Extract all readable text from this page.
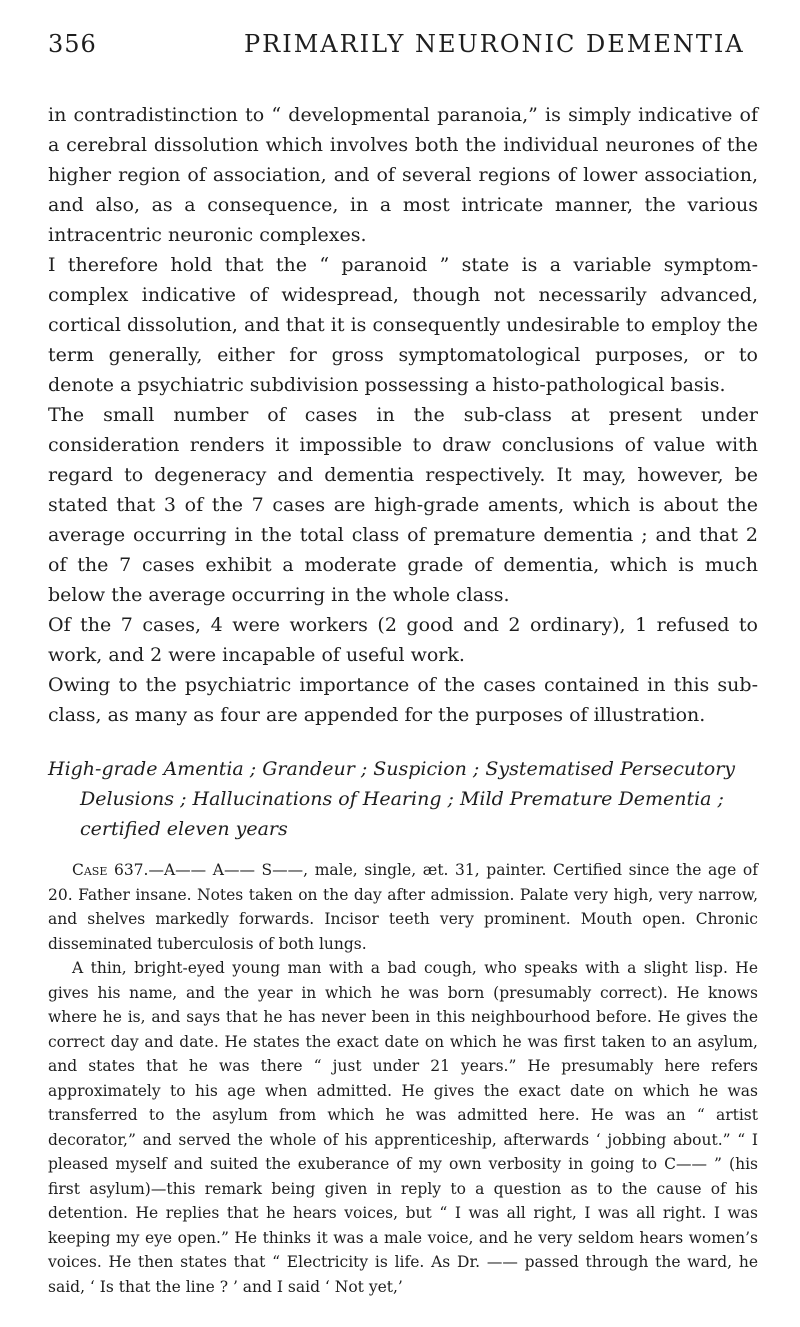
356	PRIMARILY NEURONIC DEMENTIA

in contradistinction to “ developmental paranoia,” is simply indicative of a cerebral dissolution which involves both the individual neurones of the higher region of association, and of several regions of lower association, and also, as a consequence, in a most intricate manner, the various intracentric neuronic complexes.

I therefore hold that the “ paranoid ” state is a variable symptom-complex indicative of widespread, though not necessarily advanced, cortical dissolution, and that it is consequently undesirable to employ the term generally, either for gross symptomatological purposes, or to denote a psychiatric subdivision possessing a histo-pathological basis.

The small number of cases in the sub-class at present under consideration renders it impossible to draw conclusions of value with regard to degeneracy and dementia respectively. It may, however, be stated that 3 of the 7 cases are high-grade aments, which is about the average occurring in the total class of premature dementia ; and that 2 of the 7 cases exhibit a moderate grade of dementia, which is much below the average occurring in the whole class.

Of the 7 cases, 4 were workers (2 good and 2 ordinary), 1 refused to work, and 2 were incapable of useful work.

Owing to the psychiatric importance of the cases contained in this sub-class, as many as four are appended for the purposes of illustration.

High-grade Amentia ; Grandeur ; Suspicion ; Systematised Persecutory Delusions ; Hallucinations of Hearing ; Mild Premature Dementia ; certified eleven years

Case 637.—A—— A—— S——, male, single, æt. 31, painter. Certified since the age of 20. Father insane. Notes taken on the day after admission. Palate very high, very narrow, and shelves markedly forwards. Incisor teeth very prominent. Mouth open. Chronic disseminated tuberculosis of both lungs.

A thin, bright-eyed young man with a bad cough, who speaks with a slight lisp. He gives his name, and the year in which he was born (presumably correct). He knows where he is, and says that he has never been in this neighbourhood before. He gives the correct day and date. He states the exact date on which he was first taken to an asylum, and states that he was there “ just under 21 years.” He presumably here refers approximately to his age when admitted. He gives the exact date on which he was transferred to the asylum from which he was admitted here. He was an “ artist decorator,” and served the whole of his apprenticeship, afterwards ‘ jobbing about.” “ I pleased myself and suited the exuberance of my own verbosity in going to C—— ” (his first asylum)—this remark being given in reply to a question as to the cause of his detention. He replies that he hears voices, but “ I was all right, I was all right. I was keeping my eye open.” He thinks it was a male voice, and he very seldom hears women’s voices. He then states that “ Electricity is life. As Dr. —— passed through the ward, he said, ‘ Is that the line ? ’ and I said ‘ Not yet,’
